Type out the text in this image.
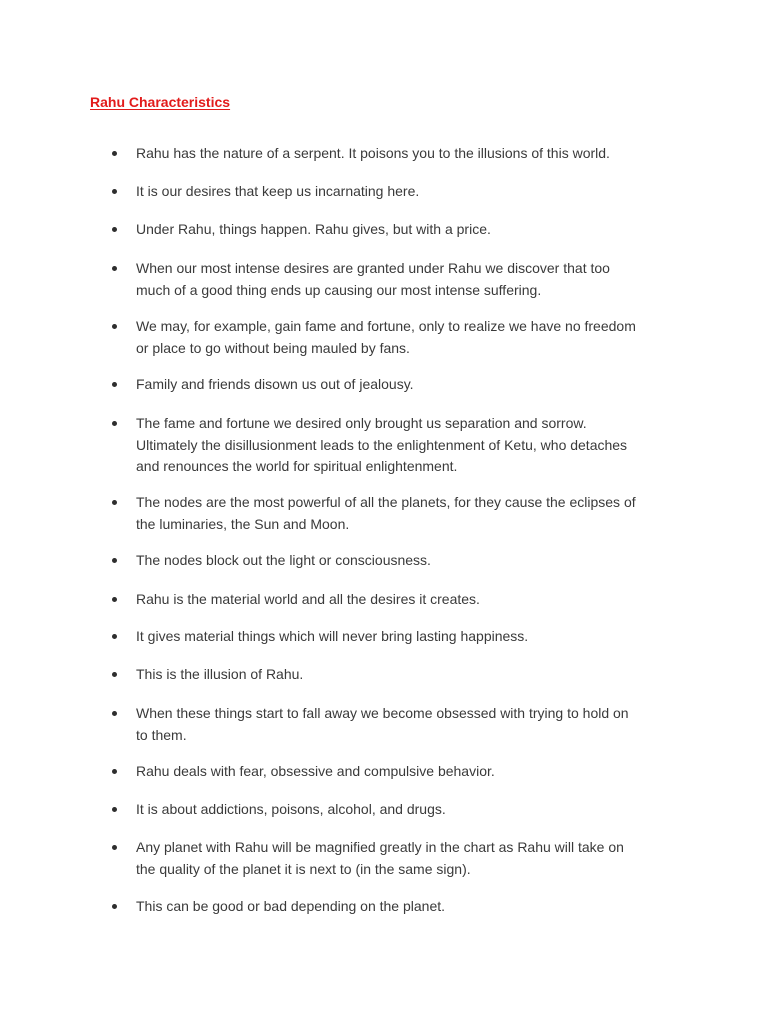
Rahu Characteristics
Rahu has the nature of a serpent. It poisons you to the illusions of this world.
It is our desires that keep us incarnating here.
Under Rahu, things happen. Rahu gives, but with a price.
When our most intense desires are granted under Rahu we discover that too
much of a good thing ends up causing our most intense suffering.
We may, for example, gain fame and fortune, only to realize we have no freedom
or place to go without being mauled by fans.
Family and friends disown us out of jealousy.
The fame and fortune we desired only brought us separation and sorrow.
Ultimately the disillusionment leads to the enlightenment of Ketu, who detaches
and renounces the world for spiritual enlightenment.
The nodes are the most powerful of all the planets, for they cause the eclipses of
the luminaries, the Sun and Moon.
The nodes block out the light or consciousness.
Rahu is the material world and all the desires it creates.
It gives material things which will never bring lasting happiness.
This is the illusion of Rahu.
When these things start to fall away we become obsessed with trying to hold on
to them.
Rahu deals with fear, obsessive and compulsive behavior.
It is about addictions, poisons, alcohol, and drugs.
Any planet with Rahu will be magnified greatly in the chart as Rahu will take on
the quality of the planet it is next to (in the same sign).
This can be good or bad depending on the planet.
